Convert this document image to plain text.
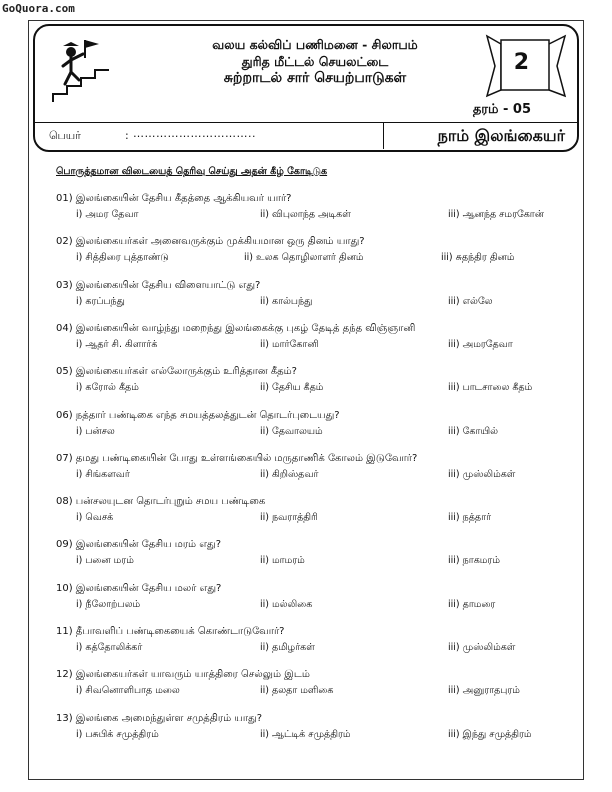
GoQuora.com
வலய கல்விப் பணிமனை - சிலாபம்
துரித மீட்டல் செயலட்டை
சுற்றாடல் சார் செயற்பாடுகள்
2
தரம் - 05
பெயர்	: …………………………..	நாம் இலங்கையர்
பொருத்தமான விடையைத் தெரிவு செய்து அதன் கீழ் கோடிடுக
01) இலங்கையின் தேசிய கீதத்தை ஆக்கியவர் யார்?
i) அமர தேவா	ii) விபுலாந்த அடிகள்	iii) ஆனந்த சமரகோன்
02) இலங்கையர்கள் அனைவருக்கும் முக்கியமான ஒரு தினம் யாது?
i) சித்திரை புத்தாண்டு	ii) உலக தொழிலாளர் தினம்	iii) சுதந்திர தினம்
03) இலங்கையின் தேசிய விளையாட்டு எது?
i) கரப்பந்து	ii) கால்பந்து	iii) எல்லே
04) இலங்கையின் வாழ்ந்து மறைந்து இலங்கைக்கு புகழ் தேடித் தந்த விஞ்ஞானி
i) ஆதர் சி. கிளார்க்	ii) மார்கோனி	iii) அமரதேவா
05) இலங்கையர்கள் எல்லோருக்கும் உரித்தான கீதம்?
i) கரோல் கீதம்	ii) தேசிய கீதம்	iii) பாடசாலை கீதம்
06) நத்தார் பண்டிகை எந்த சமயத்தலத்துடன் தொடர்புடையது?
i) பன்சல	ii) தேவாலயம்	iii) கோயில்
07) தமது பண்டிகையின் போது உள்ளங்கையில் மருதாணிக் கோலம் இடுவோர்?
i) சிங்களவர்	ii) கிறிஸ்தவர்	iii) முஸ்லிம்கள்
08) பன்சலயுடன தொடர்புறும் சமய பண்டிகை
i) வெசக்	ii) நவராத்திரி	iii) நத்தார்
09) இலங்கையின் தேசிய மரம் எது?
i) பனை மரம்	ii) மாமரம்	iii) நாகமரம்
10) இலங்கையின் தேசிய மலர் எது?
i) நீலோற்பலம்	ii) மல்லிகை	iii) தாமரை
11) தீபாவளிப் பண்டிகையைக் கொண்டாடுவோர்?
i) கத்தோலிக்கர்	ii) தமிழர்கள்	iii) முஸ்லிம்கள்
12) இலங்கையர்கள் யாவரும் யாத்திரை செல்லும் இடம்
i) சிவனொளிபாத மலை	ii) தலதா மளிகை	iii) அனுராதபுரம்
13) இலங்கை அமைந்துள்ள சமுத்திரம் யாது?
i) பசுபிக் சமுத்திரம்	ii) ஆட்டிக் சமுத்திரம்	iii) இந்து சமுத்திரம்
